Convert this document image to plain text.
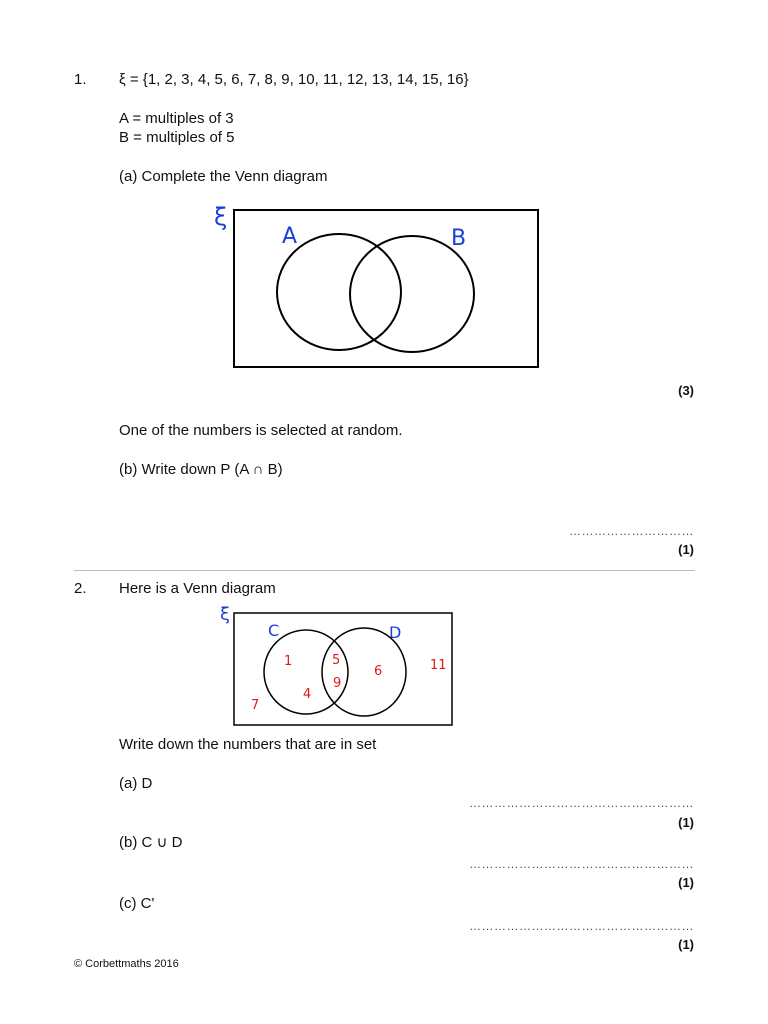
1. ξ = {1, 2, 3, 4, 5, 6, 7, 8, 9, 10, 11, 12, 13, 14, 15, 16}
A = multiples of 3
B = multiples of 5
(a) Complete the Venn diagram
ξ
A	B
(3)
One of the numbers is selected at random.
(b) Write down P (A ∩ B)
…………………………
(1)
2. Here is a Venn diagram
ξ
C	D
1
4
5
9
6
7
11
Write down the numbers that are in set
(a) D
………………………………………………
(1)
(b) C ∪ D
………………………………………………
(1)
(c) C'
………………………………………………
(1)
© Corbettmaths 2016
